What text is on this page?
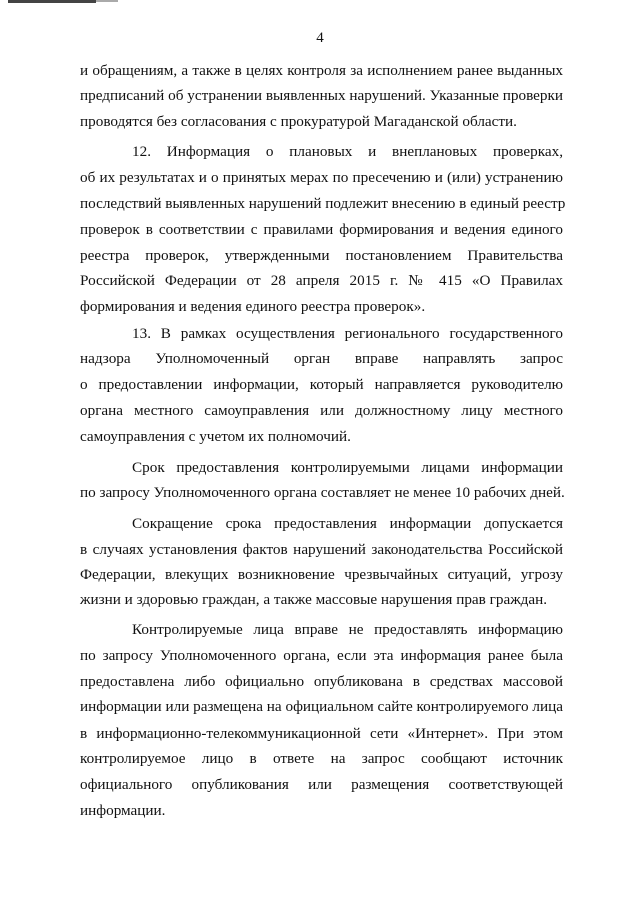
4
и обращениям, а также в целях контроля за исполнением ранее выданных
предписаний об устранении выявленных нарушений. Указанные проверки
проводятся без согласования с прокуратурой Магаданской области.
12. Информация о плановых и внеплановых проверках,
об их результатах и о принятых мерах по пресечению и (или) устранению
последствий выявленных нарушений подлежит внесению в единый реестр
проверок в соответствии с правилами формирования и ведения единого
реестра проверок, утвержденными постановлением Правительства
Российской Федерации от 28 апреля 2015 г. № 415 «О Правилах
формирования и ведения единого реестра проверок».
13. В рамках осуществления регионального государственного
надзора Уполномоченный орган вправе направлять запрос
о предоставлении информации, который направляется руководителю
органа местного самоуправления или должностному лицу местного
самоуправления с учетом их полномочий.
Срок предоставления контролируемыми лицами информации
по запросу Уполномоченного органа составляет не менее 10 рабочих дней.
Сокращение срока предоставления информации допускается
в случаях установления фактов нарушений законодательства Российской
Федерации, влекущих возникновение чрезвычайных ситуаций, угрозу
жизни и здоровью граждан, а также массовые нарушения прав граждан.
Контролируемые лица вправе не предоставлять информацию
по запросу Уполномоченного органа, если эта информация ранее была
предоставлена либо официально опубликована в средствах массовой
информации или размещена на официальном сайте контролируемого лица
в информационно-телекоммуникационной сети «Интернет». При этом
контролируемое лицо в ответе на запрос сообщают источник
официального опубликования или размещения соответствующей
информации.
